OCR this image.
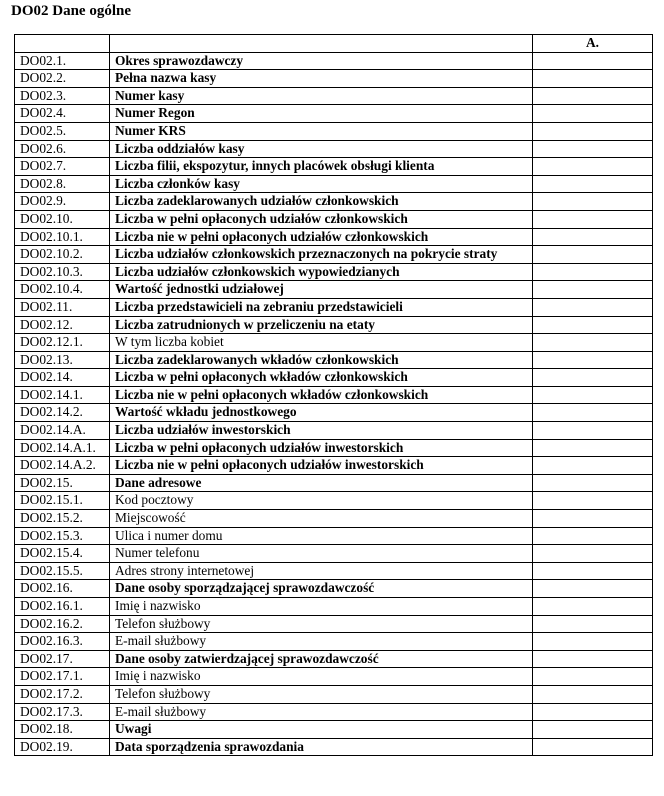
DO02 Dane ogólne
		A.
DO02.1.	Okres sprawozdawczy	
DO02.2.	Pełna nazwa kasy	
DO02.3.	Numer kasy	
DO02.4.	Numer Regon	
DO02.5.	Numer KRS	
DO02.6.	Liczba oddziałów kasy	
DO02.7.	Liczba filii, ekspozytur, innych placówek obsługi klienta	
DO02.8.	Liczba członków kasy	
DO02.9.	Liczba zadeklarowanych udziałów członkowskich	
DO02.10.	Liczba w pełni opłaconych udziałów członkowskich	
DO02.10.1.	Liczba nie w pełni opłaconych udziałów członkowskich	
DO02.10.2.	Liczba udziałów członkowskich przeznaczonych na pokrycie straty	
DO02.10.3.	Liczba udziałów członkowskich wypowiedzianych	
DO02.10.4.	Wartość jednostki udziałowej	
DO02.11.	Liczba przedstawicieli na zebraniu przedstawicieli	
DO02.12.	Liczba zatrudnionych w przeliczeniu na etaty	
DO02.12.1.	W tym liczba kobiet	
DO02.13.	Liczba zadeklarowanych wkładów członkowskich	
DO02.14.	Liczba w pełni opłaconych wkładów członkowskich	
DO02.14.1.	Liczba nie w pełni opłaconych wkładów członkowskich	
DO02.14.2.	Wartość wkładu jednostkowego	
DO02.14.A.	Liczba udziałów inwestorskich	
DO02.14.A.1.	Liczba w pełni opłaconych udziałów inwestorskich	
DO02.14.A.2.	Liczba nie w pełni opłaconych udziałów inwestorskich	
DO02.15.	Dane adresowe	
DO02.15.1.	Kod pocztowy	
DO02.15.2.	Miejscowość	
DO02.15.3.	Ulica i numer domu	
DO02.15.4.	Numer telefonu	
DO02.15.5.	Adres strony internetowej	
DO02.16.	Dane osoby sporządzającej sprawozdawczość	
DO02.16.1.	Imię i nazwisko	
DO02.16.2.	Telefon służbowy	
DO02.16.3.	E-mail służbowy	
DO02.17.	Dane osoby zatwierdzającej sprawozdawczość	
DO02.17.1.	Imię i nazwisko	
DO02.17.2.	Telefon służbowy	
DO02.17.3.	E-mail służbowy	
DO02.18.	Uwagi	
DO02.19.	Data sporządzenia sprawozdania	
